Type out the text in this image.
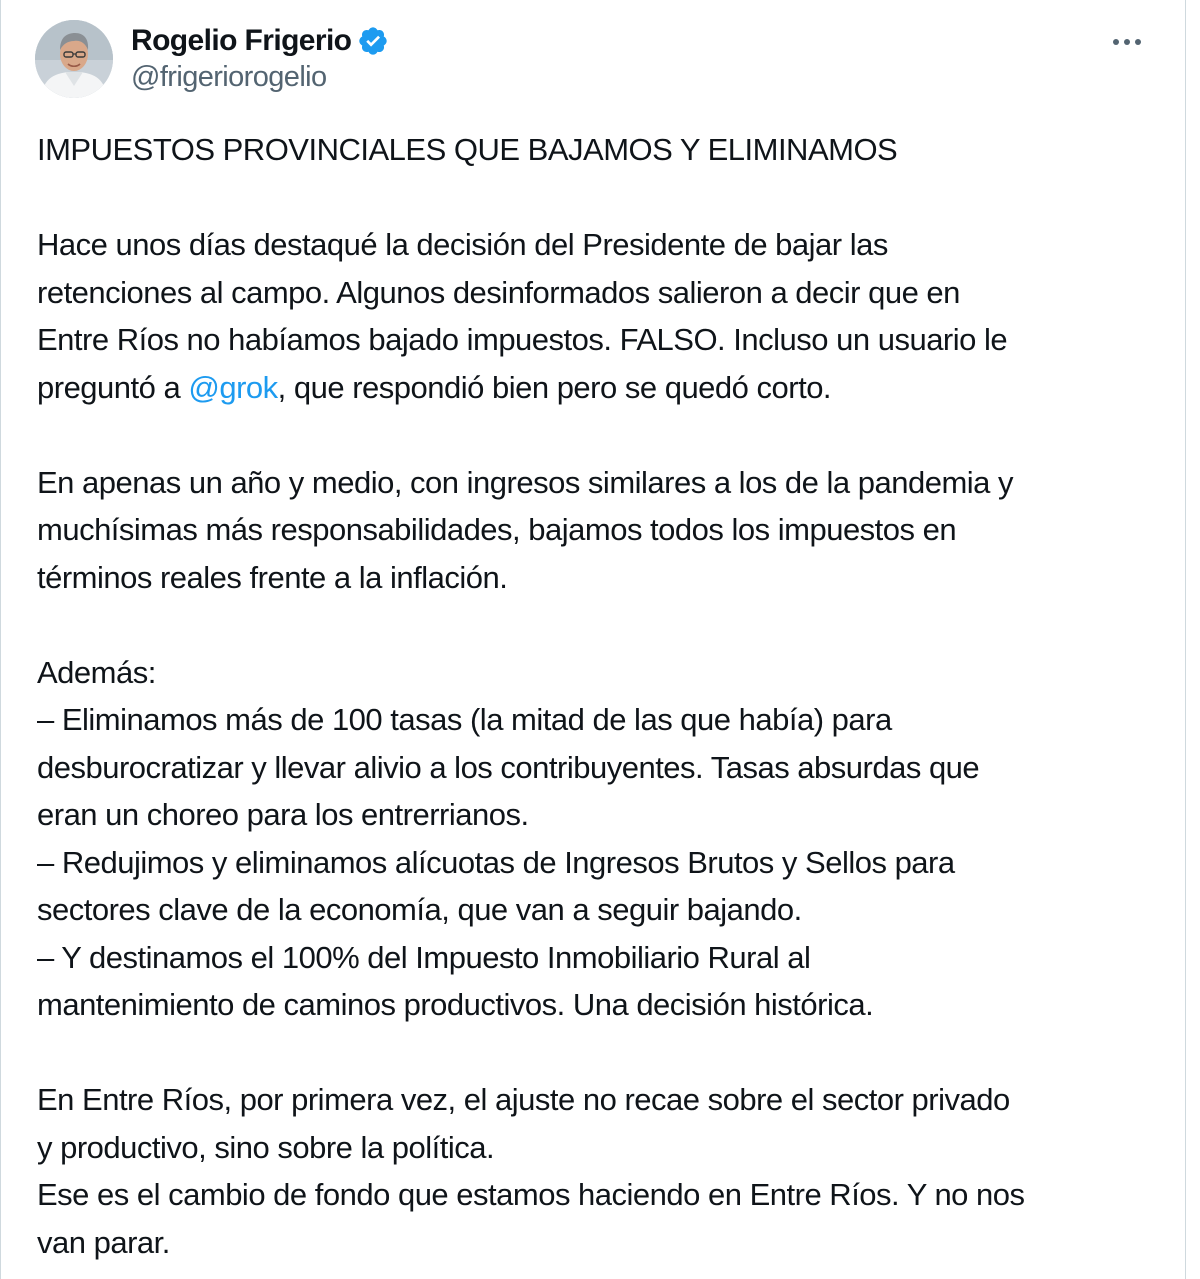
Rogelio Frigerio
@frigeriorogelio
IMPUESTOS PROVINCIALES QUE BAJAMOS Y ELIMINAMOS
Hace unos días destaqué la decisión del Presidente de bajar las
retenciones al campo. Algunos desinformados salieron a decir que en
Entre Ríos no habíamos bajado impuestos. FALSO. Incluso un usuario le
preguntó a @grok, que respondió bien pero se quedó corto.
En apenas un año y medio, con ingresos similares a los de la pandemia y
muchísimas más responsabilidades, bajamos todos los impuestos en
términos reales frente a la inflación.
Además:
– Eliminamos más de 100 tasas (la mitad de las que había) para
desburocratizar y llevar alivio a los contribuyentes. Tasas absurdas que
eran un choreo para los entrerrianos.
– Redujimos y eliminamos alícuotas de Ingresos Brutos y Sellos para
sectores clave de la economía, que van a seguir bajando.
– Y destinamos el 100% del Impuesto Inmobiliario Rural al
mantenimiento de caminos productivos. Una decisión histórica.
En Entre Ríos, por primera vez, el ajuste no recae sobre el sector privado
y productivo, sino sobre la política.
Ese es el cambio de fondo que estamos haciendo en Entre Ríos. Y no nos
van parar.
